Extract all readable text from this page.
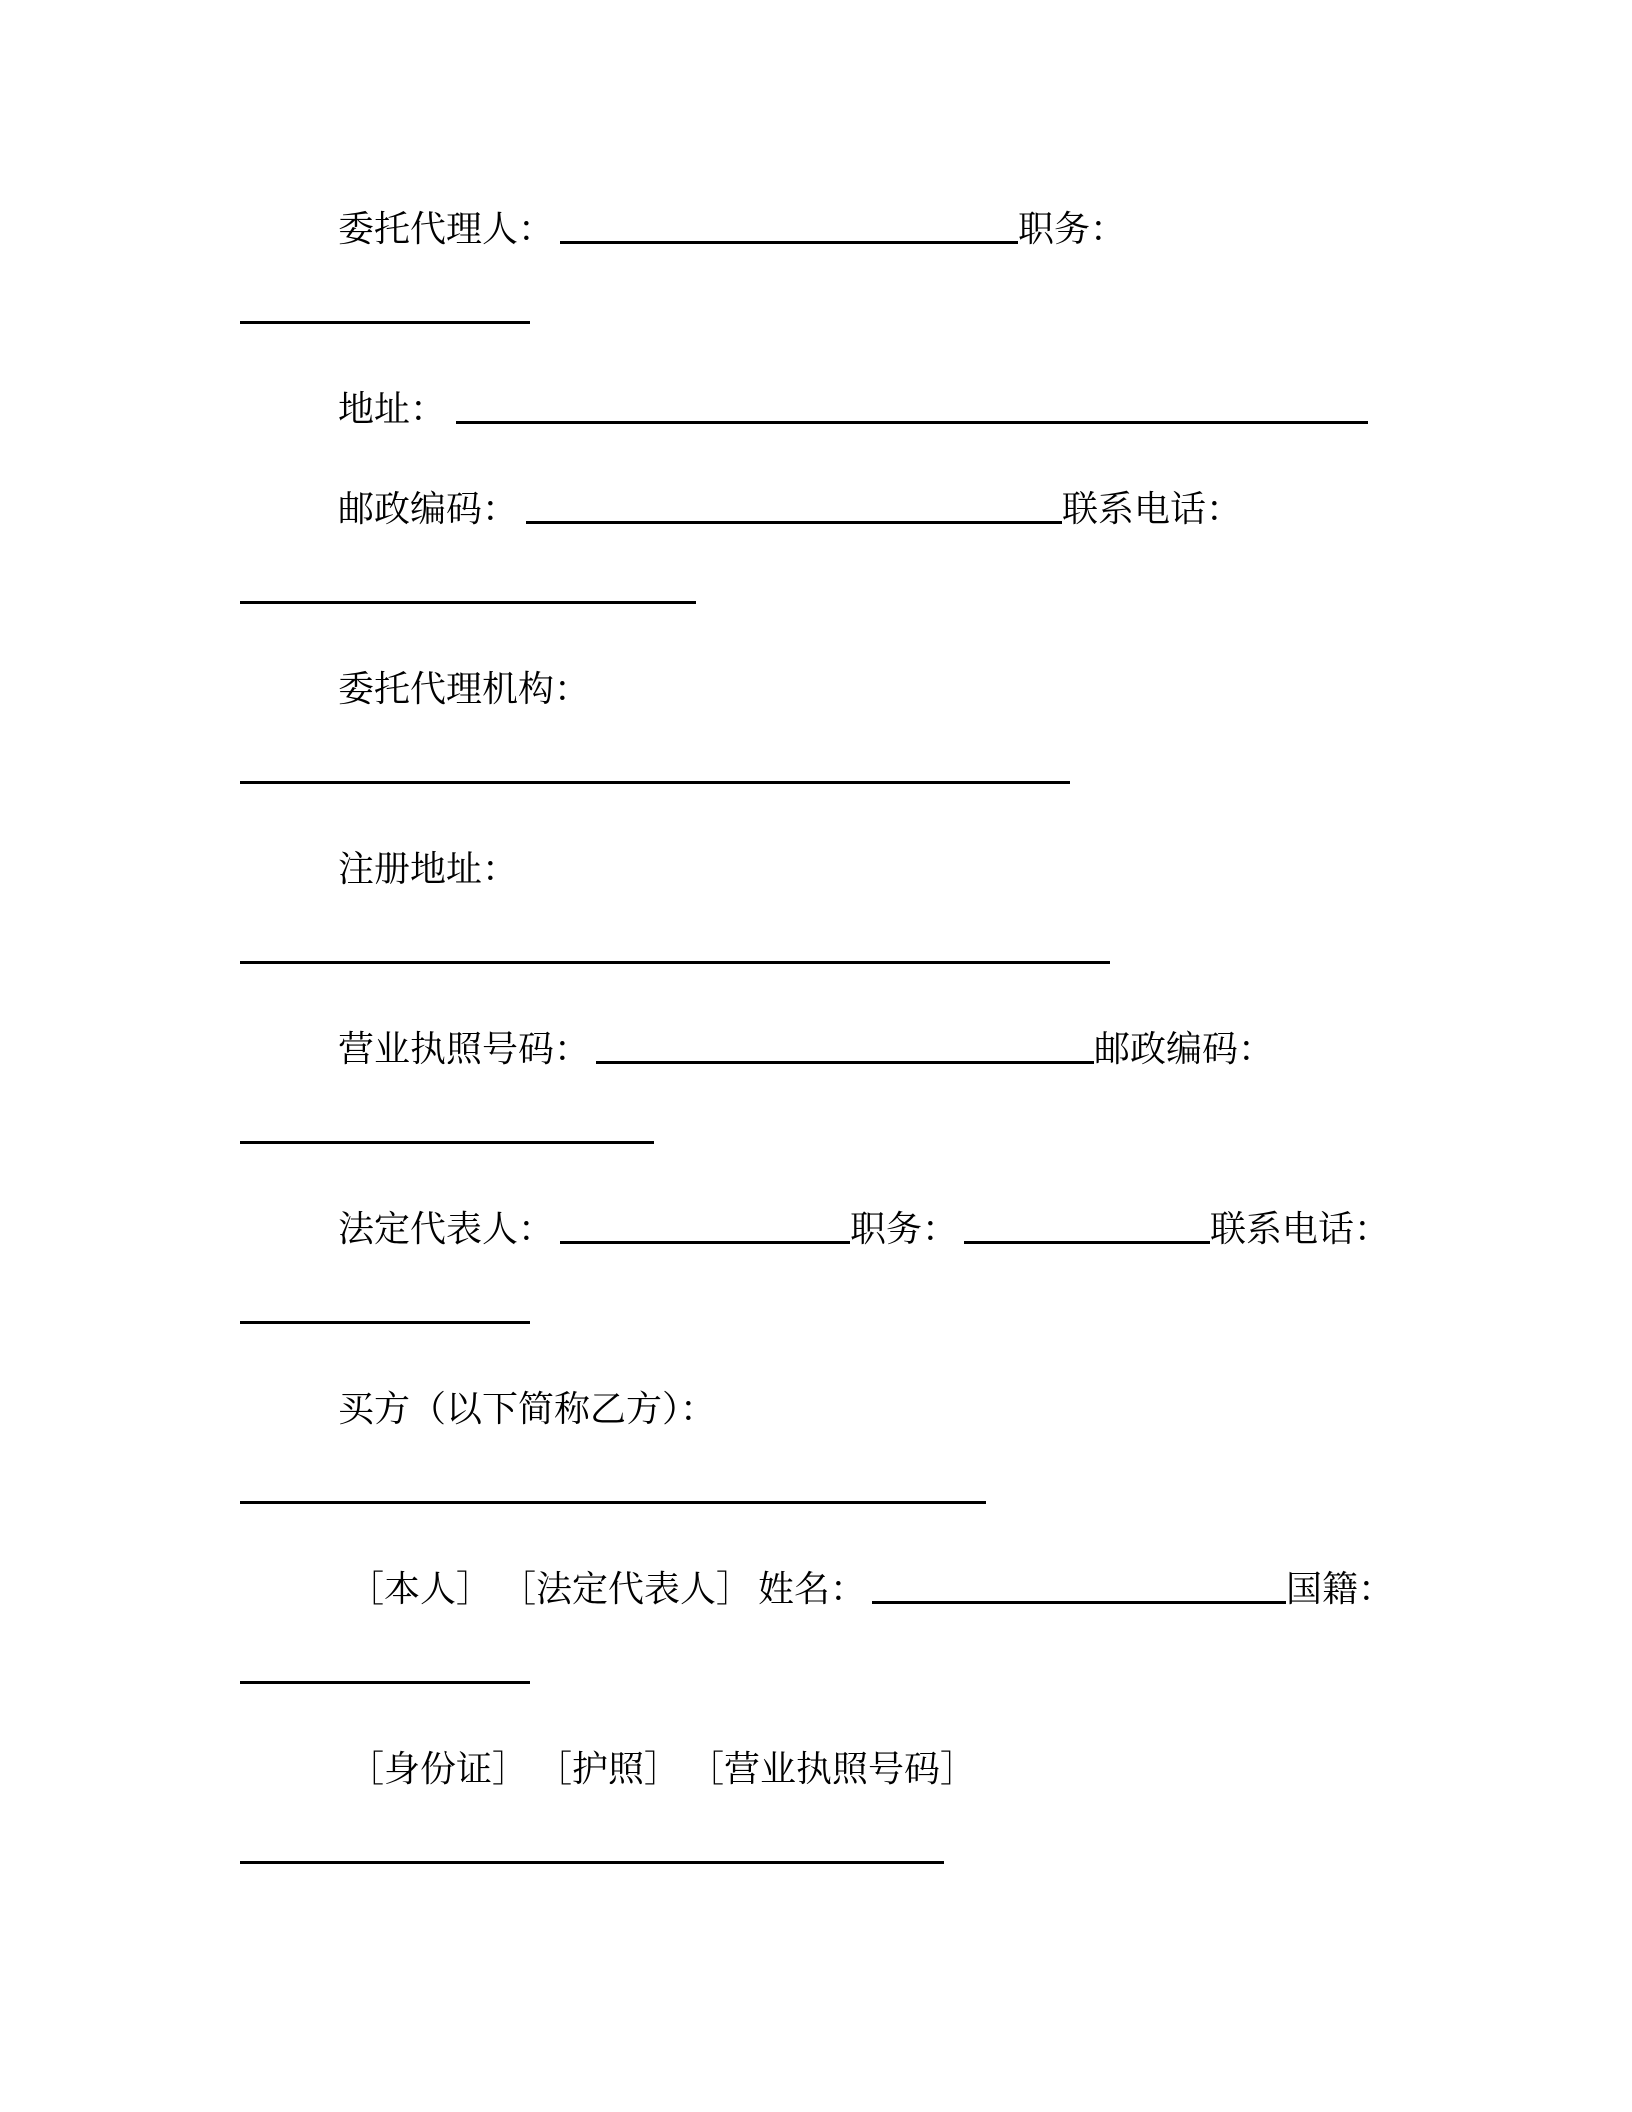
委托代理人：	职务：
地址：
邮政编码：	联系电话：
委托代理机构：
注册地址：
营业执照号码：	邮政编码：
法定代表人：	职务：	联系电话：
买方（以下简称乙方）：
［本人］ ［法定代表人］ 姓名：	国籍：
［身份证］ ［护照］ ［营业执照号码］
